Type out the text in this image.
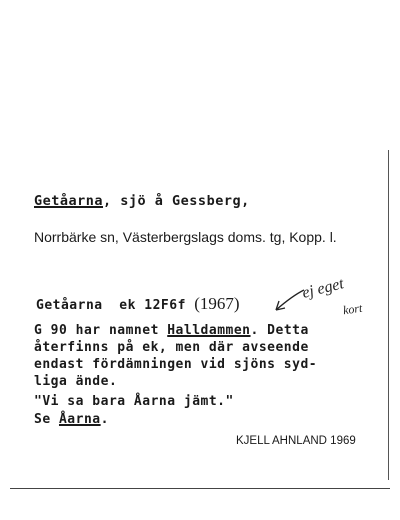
Getåarna, sjö å Gessberg,
Norrbärke sn, Västerbergslags doms. tg, Kopp. l.
Getåarna ek 12F6f (1967)
ej eget
kort
G 90 har namnet Halldammen. Detta
återfinns på ek, men där avseende
endast fördämningen vid sjöns syd-
liga ände.
"Vi sa bara Åarna jämt."
Se Åarna.
KJELL AHNLAND 1969
